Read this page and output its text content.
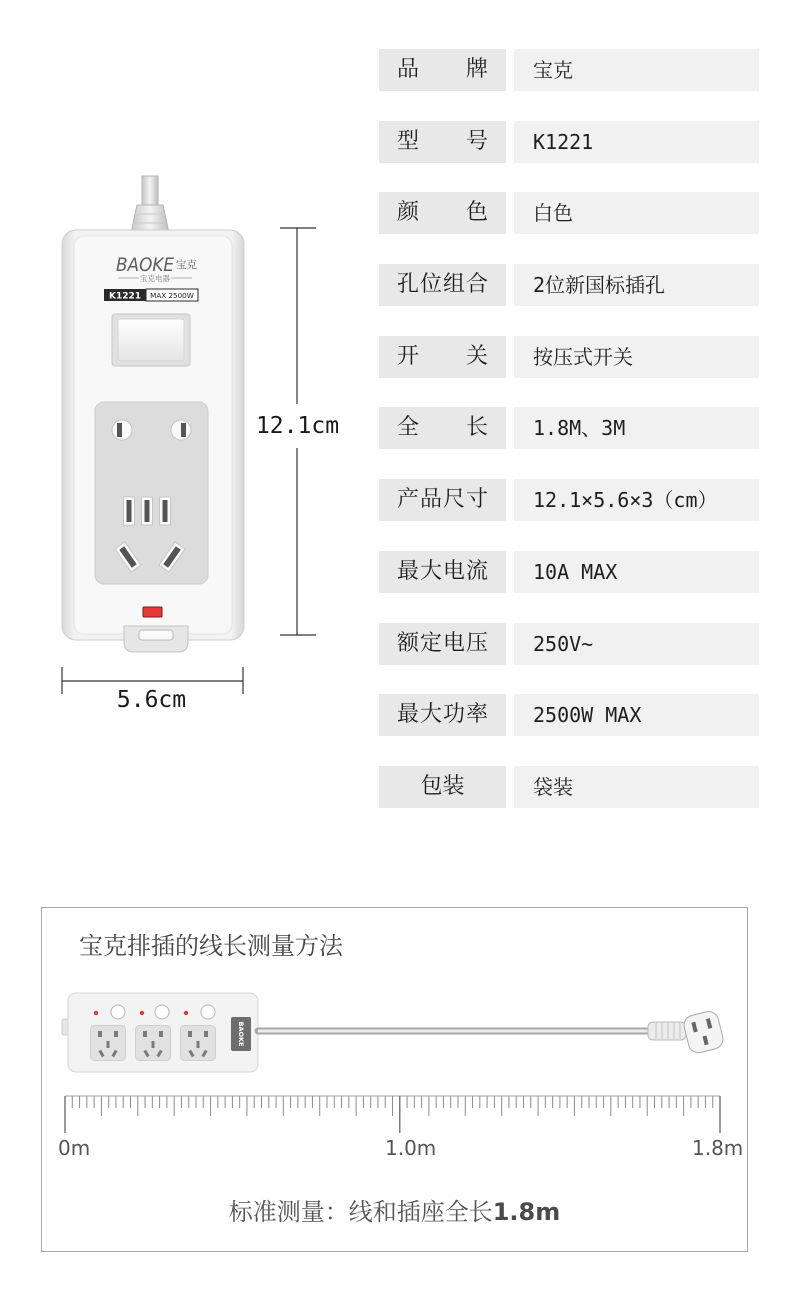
BAOKE 宝克
宝克电器
K1221 MAX 2500W
12.1cm
5.6cm
品 牌	宝克
型 号	K1221
颜 色	白色
孔位组合	2位新国标插孔
开 关	按压式开关
全 长	1.8M、3M
产品尺寸	12.1×5.6×3（cm）
最大电流	10A MAX
额定电压	250V~
最大功率	2500W MAX
包装	袋装
BAOKE
宝克排插的线长测量方法
0m	1.0m	1.8m
标准测量：线和插座全长1.8m
